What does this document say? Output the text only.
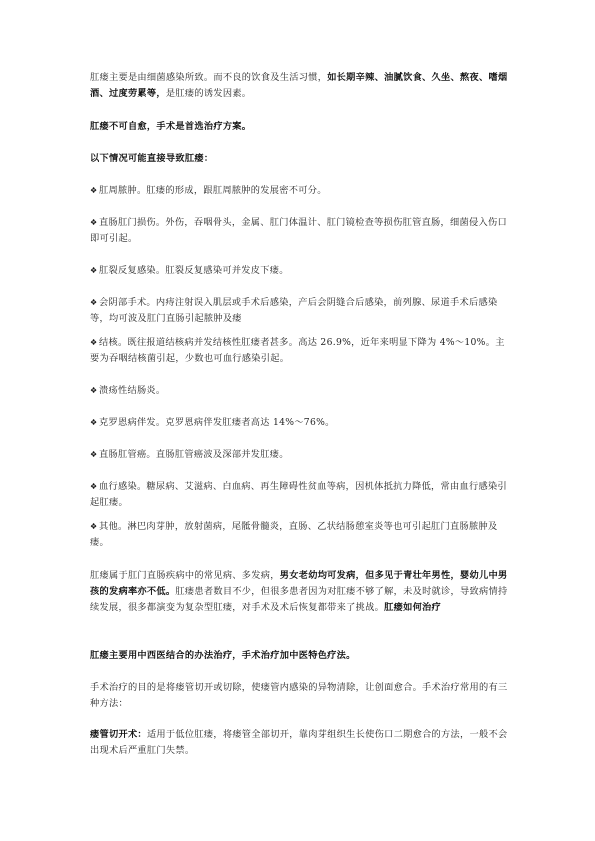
肛瘘主要是由细菌感染所致。而不良的饮食及生活习惯，如长期辛辣、油腻饮食、久坐、熬夜、嗜烟酒、过度劳累等，是肛瘘的诱发因素。

肛瘘不可自愈，手术是首选治疗方案。

以下情况可能直接导致肛瘘：

❖ 肛周脓肿。肛瘘的形成，跟肛周脓肿的发展密不可分。

❖ 直肠肛门损伤。外伤，吞咽骨头，金属、肛门体温计、肛门镜检查等损伤肛管直肠，细菌侵入伤口即可引起。

❖ 肛裂反复感染。肛裂反复感染可并发皮下瘘。

❖ 会阴部手术。内痔注射误入肌层或手术后感染，产后会阴缝合后感染，前列腺、尿道手术后感染等，均可波及肛门直肠引起脓肿及瘘

❖ 结核。既往报道结核病并发结核性肛瘘者甚多。高达 26.9%，近年来明显下降为 4%～10%。主要为吞咽结核菌引起，少数也可血行感染引起。

❖ 溃疡性结肠炎。

❖ 克罗恩病伴发。克罗恩病伴发肛瘘者高达 14%～76%。

❖ 直肠肛管癌。直肠肛管癌波及深部并发肛瘘。

❖ 血行感染。糖尿病、艾滋病、白血病、再生障碍性贫血等病，因机体抵抗力降低，常由血行感染引起肛瘘。

❖ 其他。淋巴肉芽肿，放射菌病，尾骶骨髓炎，直肠、乙状结肠憩室炎等也可引起肛门直肠脓肿及瘘。

肛瘘属于肛门直肠疾病中的常见病、多发病，男女老幼均可发病，但多见于青壮年男性，婴幼儿中男孩的发病率亦不低。肛瘘患者数目不少，但很多患者因为对肛瘘不够了解，未及时就诊，导致病情持续发展，很多都演变为复杂型肛瘘，对手术及术后恢复都带来了挑战。肛瘘如何治疗

肛瘘主要用中西医结合的办法治疗，手术治疗加中医特色疗法。

手术治疗的目的是将瘘管切开或切除，使瘘管内感染的异物清除，让创面愈合。手术治疗常用的有三种方法：

瘘管切开术：适用于低位肛瘘，将瘘管全部切开，靠肉芽组织生长使伤口二期愈合的方法，一般不会出现术后严重肛门失禁。
